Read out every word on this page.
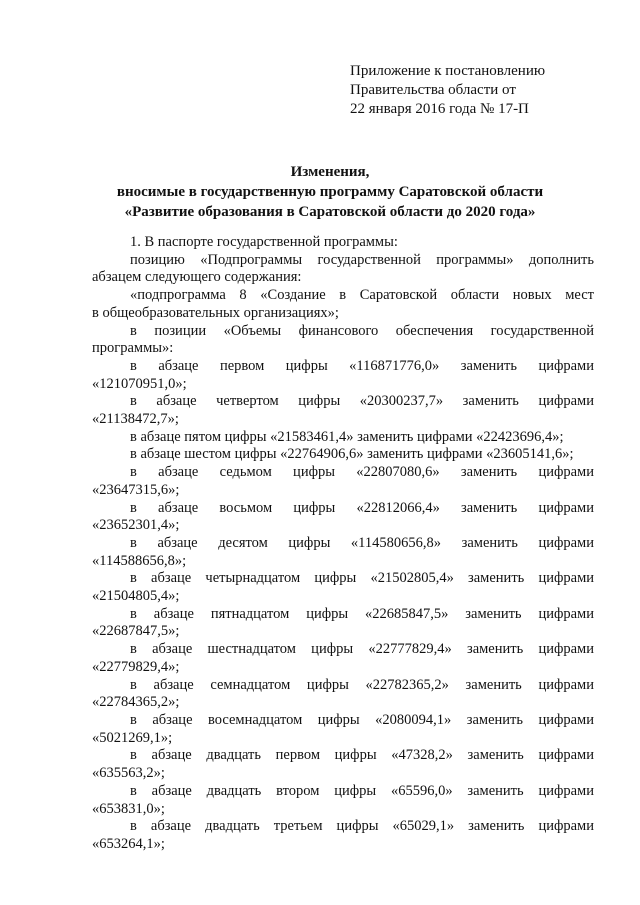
Приложение к постановлению
Правительства области от
22 января 2016 года № 17-П
Изменения,
вносимые в государственную программу Саратовской области
«Развитие образования в Саратовской области до 2020 года»
1. В паспорте государственной программы:
позицию «Подпрограммы государственной программы» дополнить
абзацем следующего содержания:
«подпрограмма 8 «Создание в Саратовской области новых мест
в общеобразовательных организациях»;
в позиции «Объемы финансового обеспечения государственной
программы»:
в абзаце первом цифры «116871776,0» заменить цифрами
«121070951,0»;
в абзаце четвертом цифры «20300237,7» заменить цифрами
«21138472,7»;
в абзаце пятом цифры «21583461,4» заменить цифрами «22423696,4»;
в абзаце шестом цифры «22764906,6» заменить цифрами «23605141,6»;
в абзаце седьмом цифры «22807080,6» заменить цифрами
«23647315,6»;
в абзаце восьмом цифры «22812066,4» заменить цифрами
«23652301,4»;
в абзаце десятом цифры «114580656,8» заменить цифрами
«114588656,8»;
в абзаце четырнадцатом цифры «21502805,4» заменить цифрами
«21504805,4»;
в абзаце пятнадцатом цифры «22685847,5» заменить цифрами
«22687847,5»;
в абзаце шестнадцатом цифры «22777829,4» заменить цифрами
«22779829,4»;
в абзаце семнадцатом цифры «22782365,2» заменить цифрами
«22784365,2»;
в абзаце восемнадцатом цифры «2080094,1» заменить цифрами
«5021269,1»;
в абзаце двадцать первом цифры «47328,2» заменить цифрами
«635563,2»;
в абзаце двадцать втором цифры «65596,0» заменить цифрами
«653831,0»;
в абзаце двадцать третьем цифры «65029,1» заменить цифрами
«653264,1»;
